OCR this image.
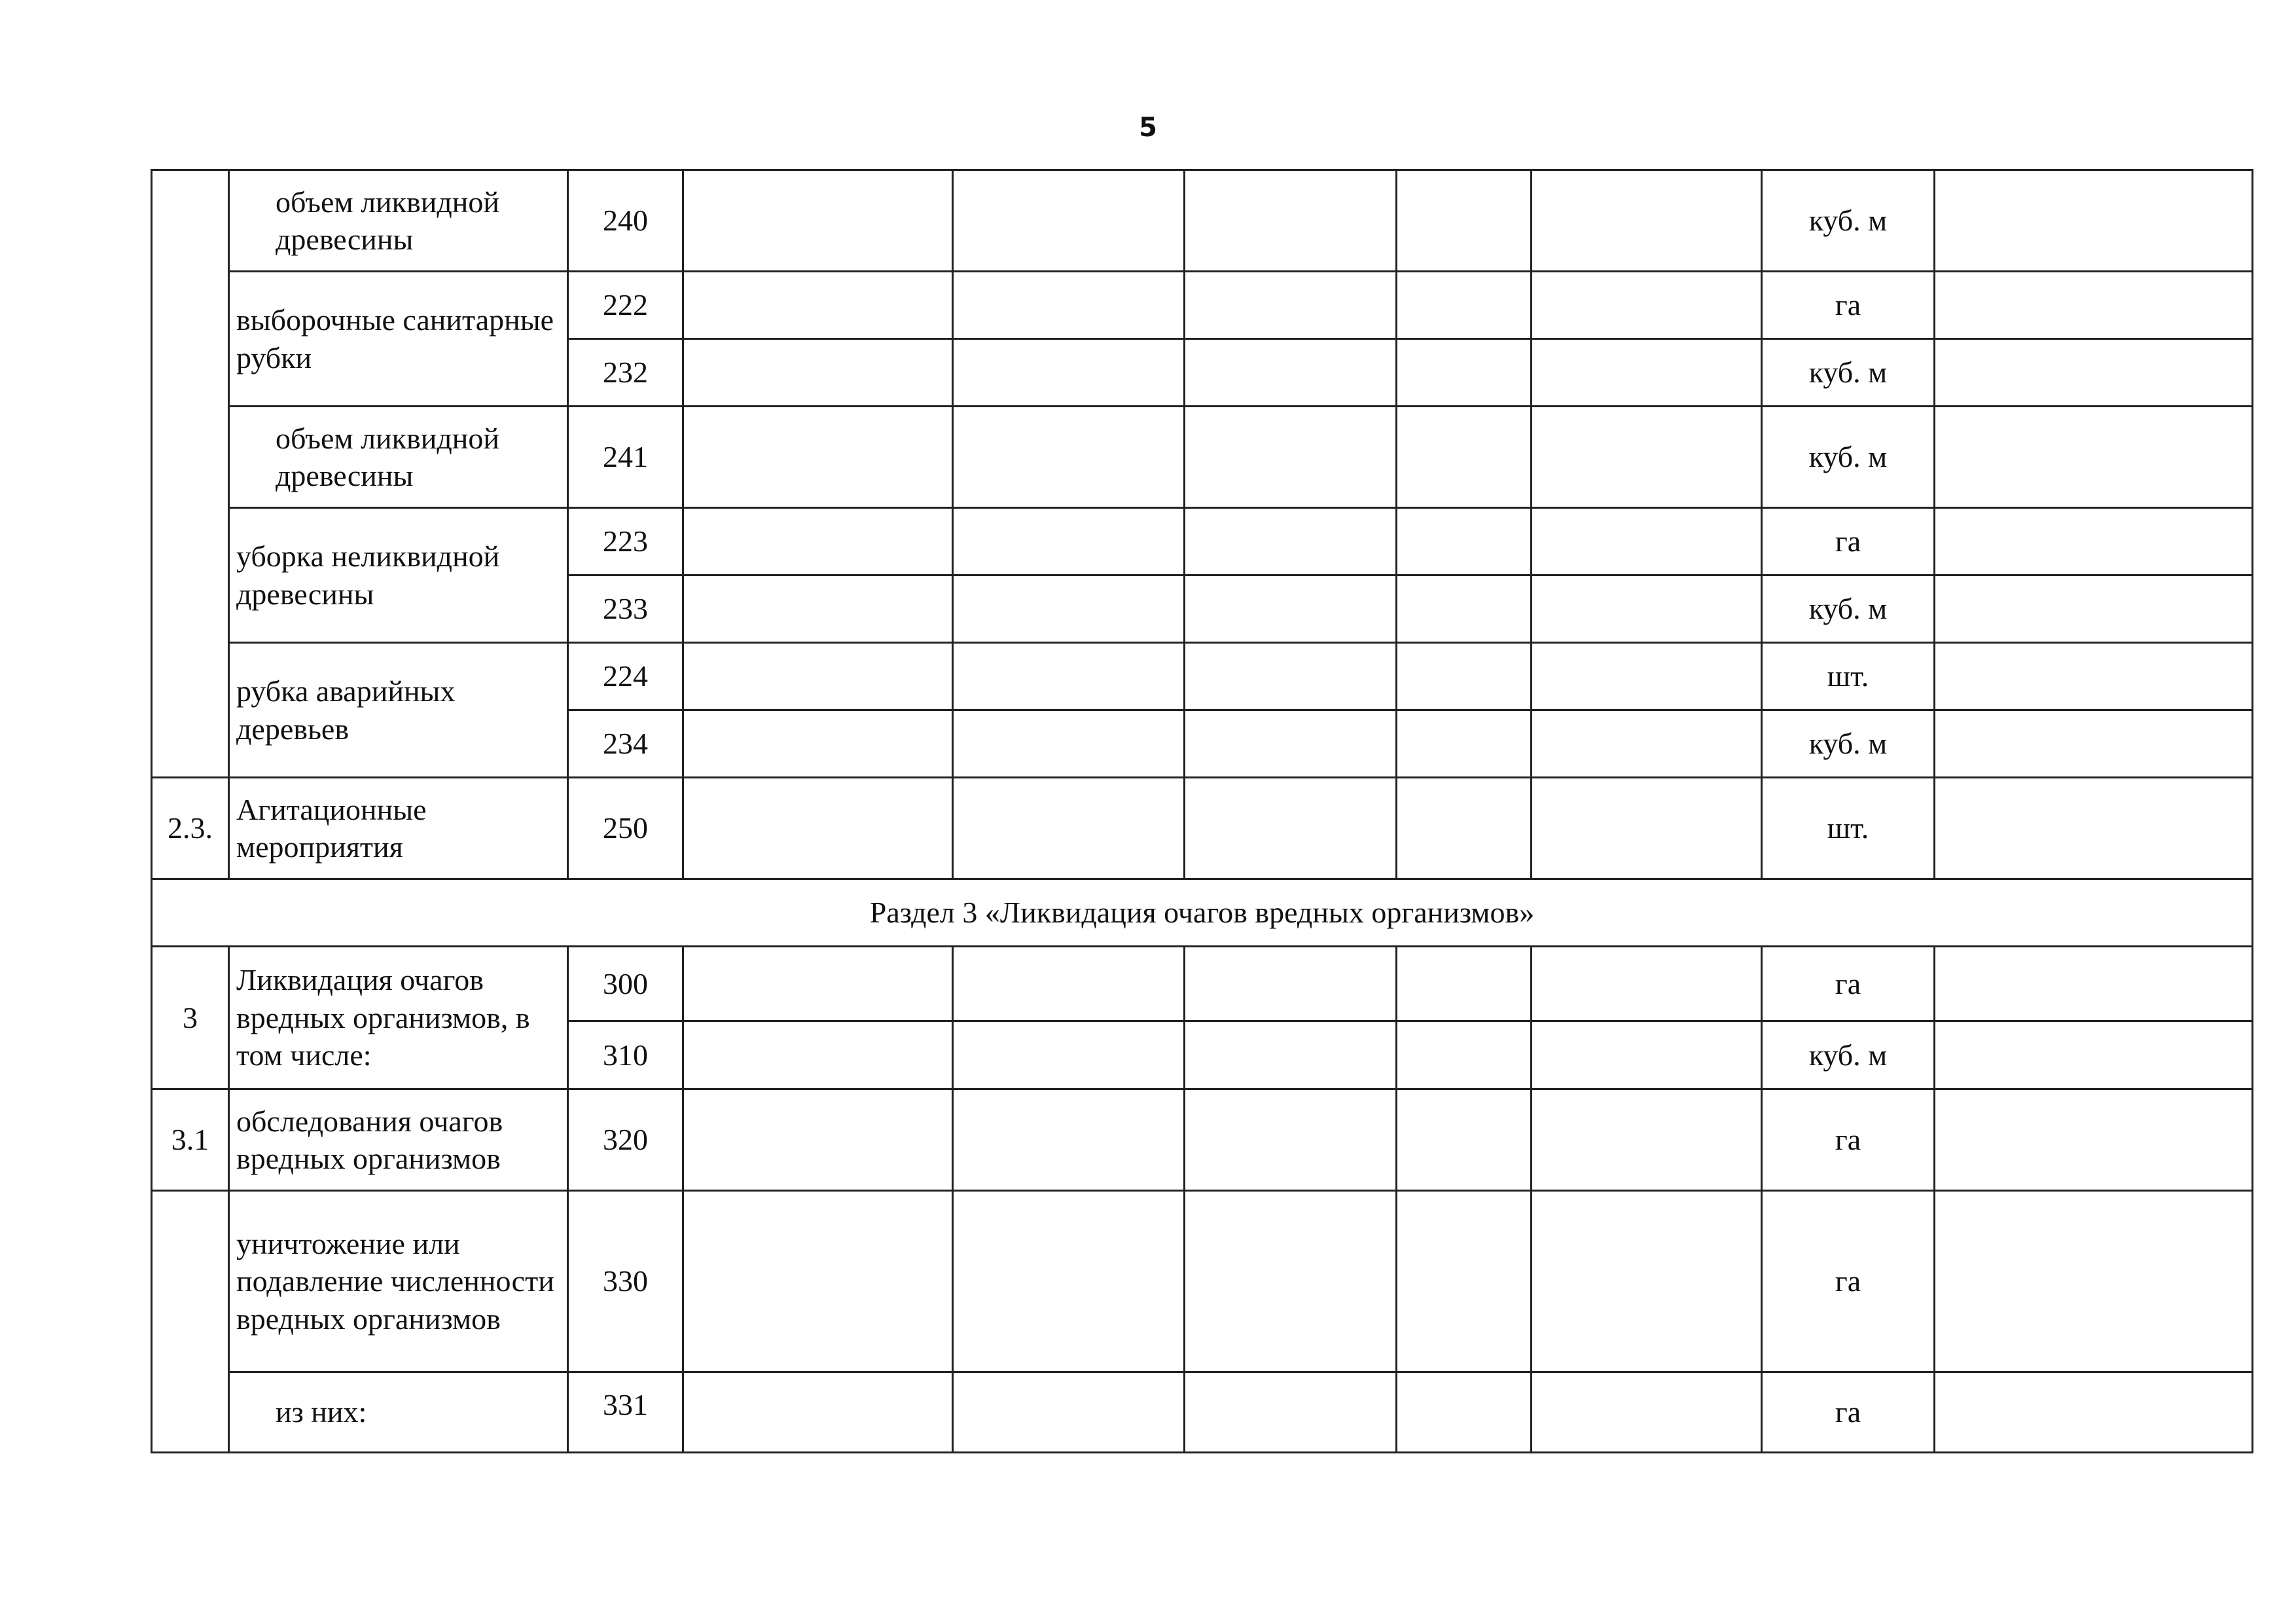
5
	объем ликвидной древесины	240						куб. м	
	выборочные санитарные рубки	222						га	
		232						куб. м	
	объем ликвидной древесины	241						куб. м	
	уборка неликвидной древесины	223						га	
		233						куб. м	
	рубка аварийных деревьев	224						шт.	
		234						куб. м	
2.3.	Агитационные мероприятия	250						шт.	
Раздел 3 «Ликвидация очагов вредных организмов»									
3	Ликвидация очагов вредных организмов, в том числе:	300						га	
		310						куб. м	
3.1	обследования очагов вредных организмов	320						га	
	уничтожение или подавление численности вредных организмов	330						га	
	из них:	331						га	
